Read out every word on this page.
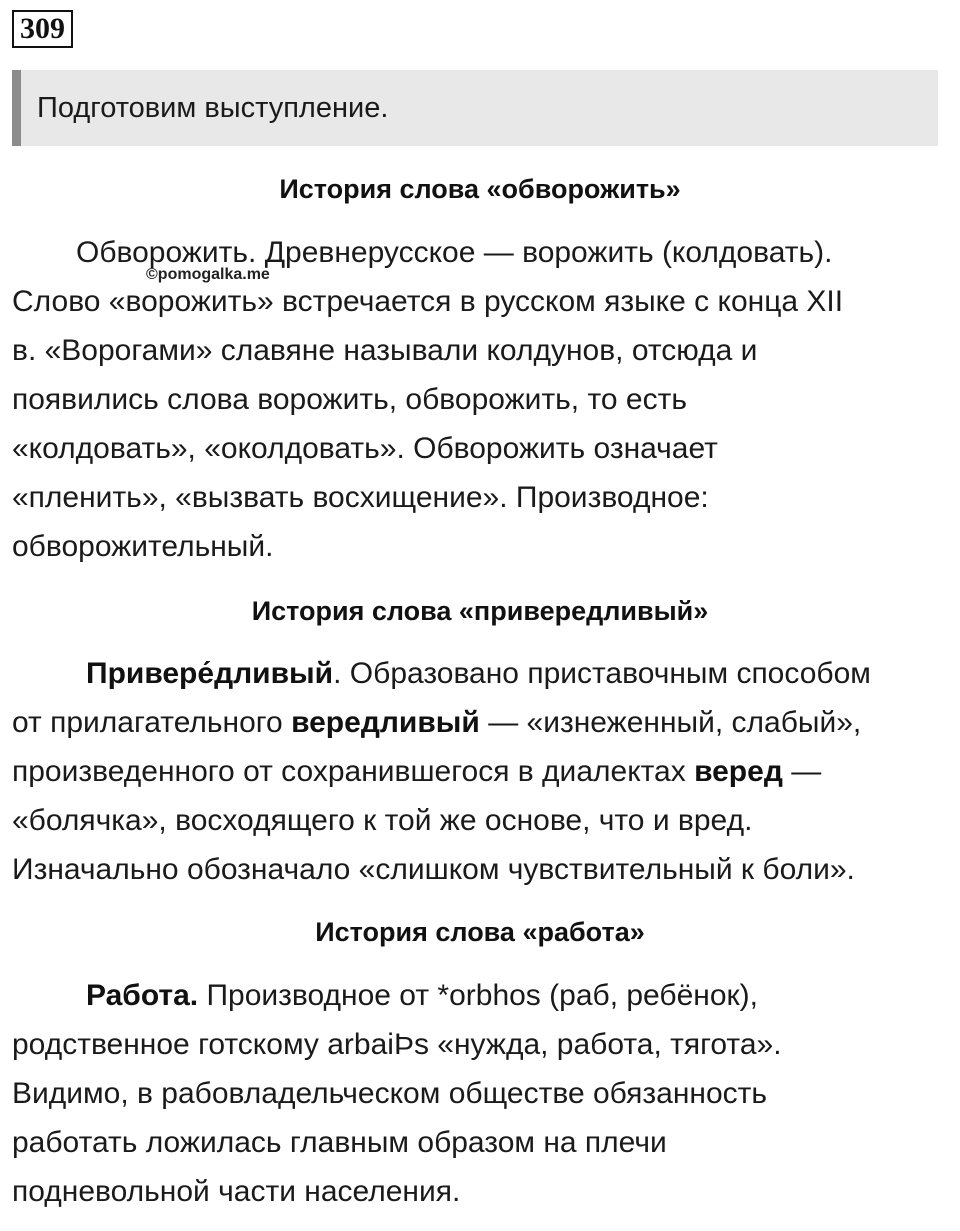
309
Подготовим выступление.
История слова «обворожить»
Обворожить. Древнерусское — ворожить (колдовать).
Слово «ворожить» встречается в русском языке с конца XII
в. «Ворогами» славяне называли колдунов, отсюда и
появились слова ворожить, обворожить, то есть
«колдовать», «околдовать». Обворожить означает
«пленить», «вызвать восхищение». Производное:
обворожительный.
©pomogalka.me
История слова «привередливый»
Привере́дливый. Образовано приставочным способом
от прилагательного вередливый — «изнеженный, слабый»,
произведенного от сохранившегося в диалектах веред —
«болячка», восходящего к той же основе, что и вред.
Изначально обозначало «слишком чувствительный к боли».
История слова «работа»
Работа. Производное от *orbhos (раб, ребёнок),
родственное готскому arbaiÞs «нужда, работа, тягота».
Видимо, в рабовладельческом обществе обязанность
работать ложилась главным образом на плечи
подневольной части населения.
